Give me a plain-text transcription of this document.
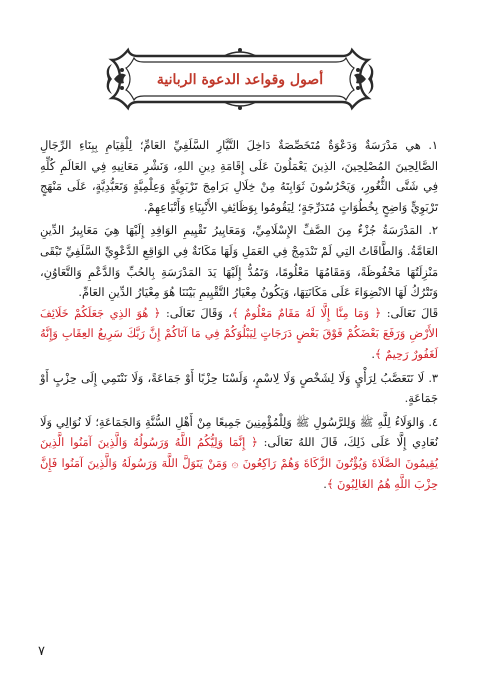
أصول وقواعد الدعوة الربانية

١. هي مَدْرَسَةٌ وَدَعْوَةٌ مُتَخَصِّصَةٌ دَاخِلَ التَّيَّارِ السَّلَفِيِّ العَامِّ؛ لِلْقِيَامِ بِبِنَاءِ الرِّجَالِ الصَّالِحِينَ المُصْلِحِينَ، الذِينَ يَعْمَلُونَ عَلَى إِقَامَةِ دِينِ اللهِ، وَنَشْرِ مَعَانِيهِ فِي العَالَمِ كُلِّهِ فِي شَتَّى الثُّغُورِ، وَيَحْرُسُونَ ثَوَابِتَهُ مِنْ خِلَالِ بَرَامِجَ تَرْبَوِيَّةٍ وَعِلْمِيَّةٍ وَتَعَبُّدِيَّةٍ، عَلَى مَنْهَجٍ تَرْبَوِيٍّ وَاضِحٍ بِخُطُوَاتٍ مُتَدَرِّجَةٍ؛ لِيَقُومُوا بِوَظَائِفِ الأَنْبِيَاءِ وَأَتْبَاعِهِمْ.

٢. المَدْرَسَةُ جُزْءٌ مِنَ الصَّفِّ الإِسْلَامِيِّ، وَمَعَايِيرُ تَقْيِيمِ الوَافِدِ إِلَيْهَا هِيَ مَعَايِيرُ الدِّينِ العَامَّةُ. وَالطَّاقَاتُ التِي لَمْ تَنْدَمِجْ فِي العَمَلِ وَلَهَا مَكَانَةٌ فِي الوَاقِعِ الدَّعْوِيِّ السَّلَفِيِّ تَبْقَى مَنْزِلَتُهَا مَحْفُوظَةً، وَمَقَامُهَا مَعْلُومًا، وَتَمُدُّ إِلَيْهَا يَدَ المَدْرَسَةِ بِالحُبِّ وَالدَّعْمِ وَالتَّعَاوُنِ، وَتَتْرُكُ لَهَا الانْضِوَاءَ عَلَى مَكَانَتِهَا، وَيَكُونُ مِعْيَارُ التَّقْيِيمِ بَيْنَنَا هُوَ مِعْيَارُ الدِّينِ العَامِّ.

قَالَ تَعَالَى: ﴿ وَمَا مِنَّا إِلَّا لَهُ مَقَامٌ مَعْلُومٌ ﴾، وَقَالَ تَعَالَى: ﴿ هُوَ الذِي جَعَلَكُمْ خَلَائِفَ الأَرْضِ وَرَفَعَ بَعْضَكُمْ فَوْقَ بَعْضٍ دَرَجَاتٍ لِيَبْلُوَكُمْ فِي مَا آتَاكُمْ إِنَّ رَبَّكَ سَرِيعُ العِقَابِ وَإِنَّهُ لَغَفُورٌ رَحِيمٌ ﴾.

٣. لَا نَتَعَصَّبُ لِرَأْيٍ وَلَا لِشَخْصٍ وَلَا لِاسْمٍ، وَلَسْنَا حِزْبًا أَوْ جَمَاعَةً، وَلَا نَنْتَمِي إِلَى حِزْبٍ أَوْ جَمَاعَةٍ.

٤. وَالوَلَاءُ لِلَّهِ ﷺ وَلِلرَّسُولِ ﷺ وَلِلْمُؤْمِنِينَ جَمِيعًا مِنْ أَهْلِ السُّنَّةِ وَالجَمَاعَةِ؛ لَا نُوَالِي وَلَا نُعَادِي إِلَّا عَلَى ذَلِكَ، قَالَ اللهُ تَعَالَى: ﴿ إِنَّمَا وَلِيُّكُمُ اللَّهُ وَرَسُولُهُ وَالَّذِينَ آمَنُوا الَّذِينَ يُقِيمُونَ الصَّلَاةَ وَيُؤْتُونَ الزَّكَاةَ وَهُمْ رَاكِعُونَ ۞ وَمَنْ يَتَوَلَّ اللَّهَ وَرَسُولَهُ وَالَّذِينَ آمَنُوا فَإِنَّ حِزْبَ اللَّهِ هُمُ الغَالِبُونَ ﴾.

٧
